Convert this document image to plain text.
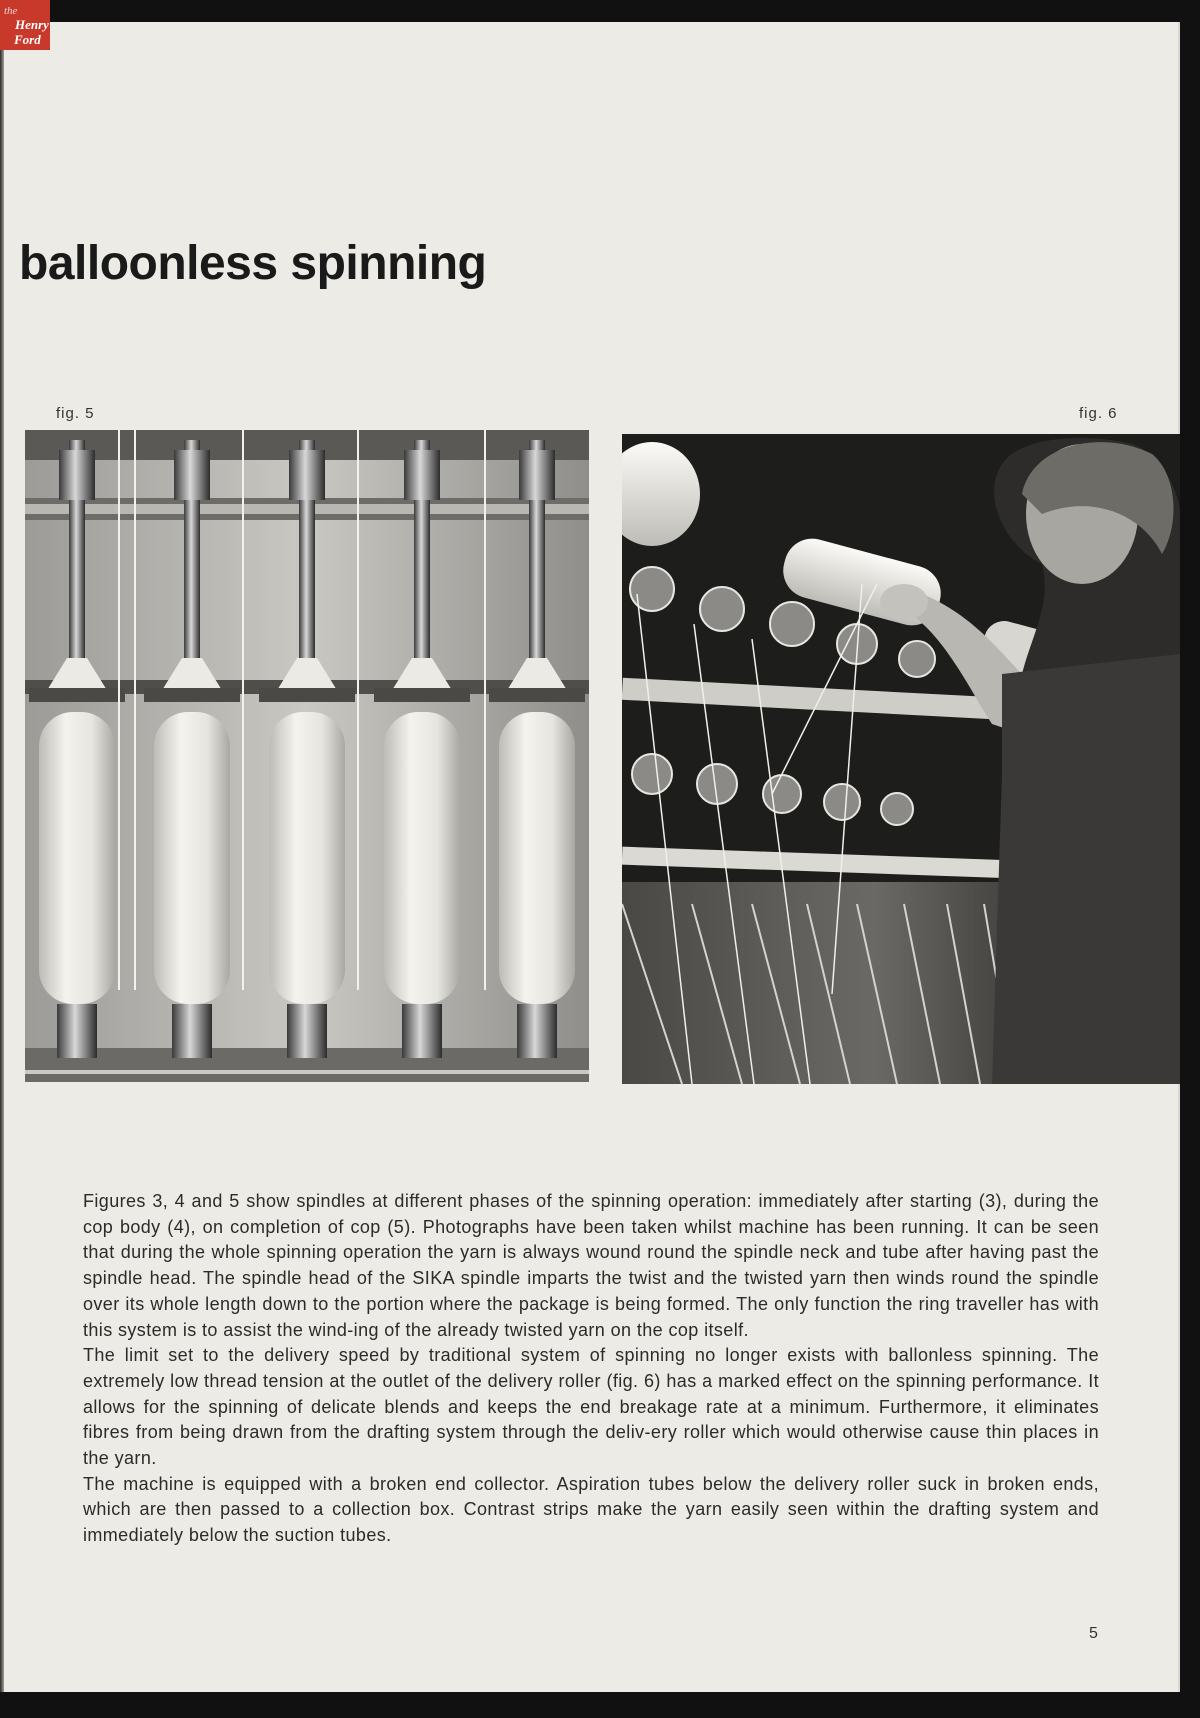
the
Henry
Ford
balloonless spinning
fig. 5	fig. 6

Figures 3, 4 and 5 show spindles at different phases of the spinning operation: immediately after starting (3), during the cop body (4), on completion of cop (5). Photographs have been taken whilst machine has been running. It can be seen that during the whole spinning operation the yarn is always wound round the spindle neck and tube after having past the spindle head. The spindle head of the SIKA spindle imparts the twist and the twisted yarn then winds round the spindle over its whole length down to the portion where the package is being formed. The only function the ring traveller has with this system is to assist the wind-ing of the already twisted yarn on the cop itself.

The limit set to the delivery speed by traditional system of spinning no longer exists with ballonless spinning. The extremely low thread tension at the outlet of the delivery roller (fig. 6) has a marked effect on the spinning performance. It allows for the spinning of delicate blends and keeps the end breakage rate at a minimum. Furthermore, it eliminates fibres from being drawn from the drafting system through the deliv-ery roller which would otherwise cause thin places in the yarn.

The machine is equipped with a broken end collector. Aspiration tubes below the delivery roller suck in broken ends, which are then passed to a collection box. Contrast strips make the yarn easily seen within the drafting system and immediately below the suction tubes.

5
